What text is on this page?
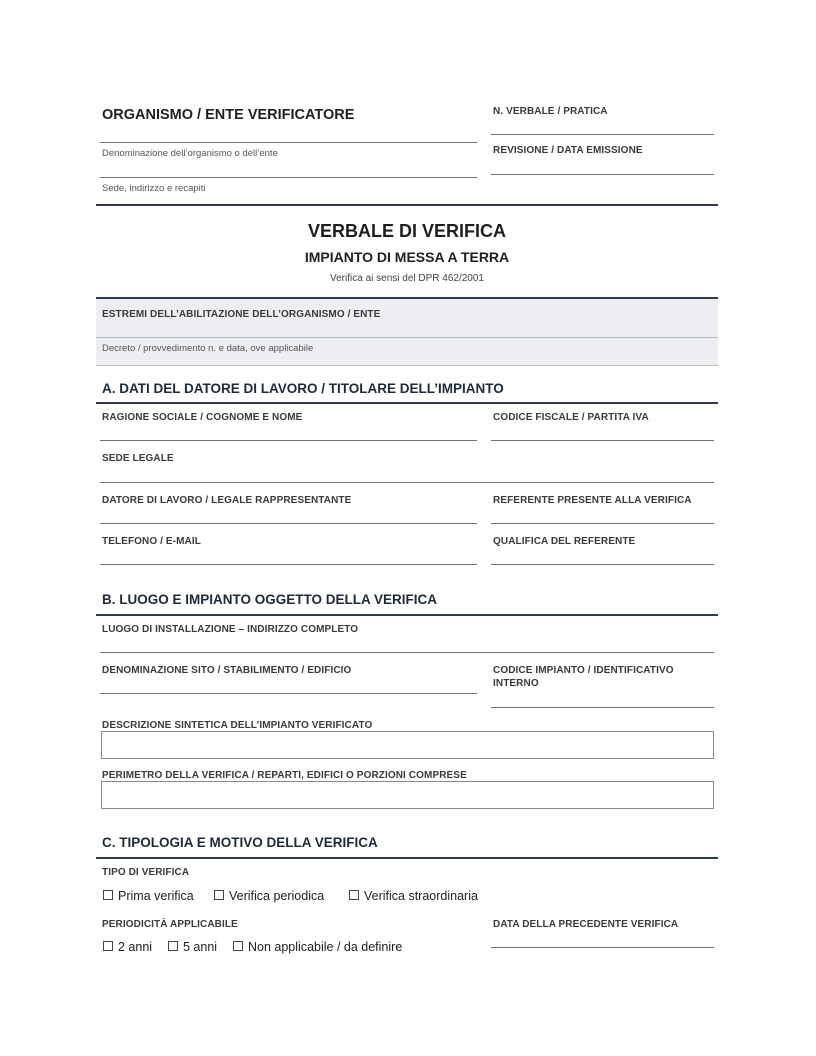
ORGANISMO / ENTE VERIFICATORE
Denominazione dell’organismo o dell’ente
Sede, indirizzo e recapiti
N. VERBALE / PRATICA
REVISIONE / DATA EMISSIONE
VERBALE DI VERIFICA
IMPIANTO DI MESSA A TERRA
Verifica ai sensi del DPR 462/2001
ESTREMI DELL’ABILITAZIONE DELL’ORGANISMO / ENTE
Decreto / provvedimento n. e data, ove applicabile
A. DATI DEL DATORE DI LAVORO / TITOLARE DELL’IMPIANTO
RAGIONE SOCIALE / COGNOME E NOME	CODICE FISCALE / PARTITA IVA
SEDE LEGALE
DATORE DI LAVORO / LEGALE RAPPRESENTANTE	REFERENTE PRESENTE ALLA VERIFICA
TELEFONO / E-MAIL	QUALIFICA DEL REFERENTE
B. LUOGO E IMPIANTO OGGETTO DELLA VERIFICA
LUOGO DI INSTALLAZIONE – INDIRIZZO COMPLETO
DENOMINAZIONE SITO / STABILIMENTO / EDIFICIO	CODICE IMPIANTO / IDENTIFICATIVO INTERNO
DESCRIZIONE SINTETICA DELL’IMPIANTO VERIFICATO
PERIMETRO DELLA VERIFICA / REPARTI, EDIFICI O PORZIONI COMPRESE
C. TIPOLOGIA E MOTIVO DELLA VERIFICA
TIPO DI VERIFICA
Prima verifica	Verifica periodica	Verifica straordinaria
PERIODICITÀ APPLICABILE	DATA DELLA PRECEDENTE VERIFICA
2 anni	5 anni	Non applicabile / da definire
